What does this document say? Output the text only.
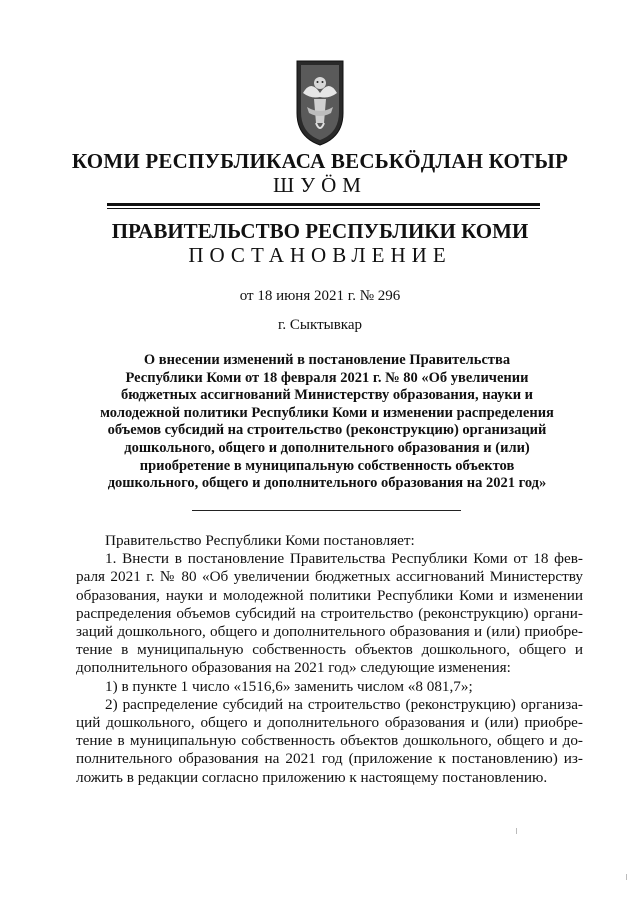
КОМИ РЕСПУБЛИКАСА ВЕСЬКӦДЛАН КОТЫР
ШУӦМ
ПРАВИТЕЛЬСТВО РЕСПУБЛИКИ КОМИ
ПОСТАНОВЛЕНИЕ
от 18 июня 2021 г. № 296
г. Сыктывкар
О внесении изменений в постановление Правительства
Республики Коми от 18 февраля 2021 г. № 80 «Об увеличении
бюджетных ассигнований Министерству образования, науки и
молодежной политики Республики Коми и изменении распределения
объемов субсидий на строительство (реконструкцию) организаций
дошкольного, общего и дополнительного образования и (или)
приобретение в муниципальную собственность объектов
дошкольного, общего и дополнительного образования на 2021 год»

Правительство Республики Коми постановляет:

1. Внести в постановление Правительства Республики Коми от 18 фев-
раля 2021 г. № 80 «Об увеличении бюджетных ассигнований Министерству
образования, науки и молодежной политики Республики Коми и изменении
распределения объемов субсидий на строительство (реконструкцию) органи-
заций дошкольного, общего и дополнительного образования и (или) приобре-
тение в муниципальную собственность объектов дошкольного, общего и
дополнительного образования на 2021 год» следующие изменения:

1) в пункте 1 число «1516,6» заменить числом «8 081,7»;

2) распределение субсидий на строительство (реконструкцию) организа-
ций дошкольного, общего и дополнительного образования и (или) приобре-
тение в муниципальную собственность объектов дошкольного, общего и до-
полнительного образования на 2021 год (приложение к постановлению) из-
ложить в редакции согласно приложению к настоящему постановлению.
